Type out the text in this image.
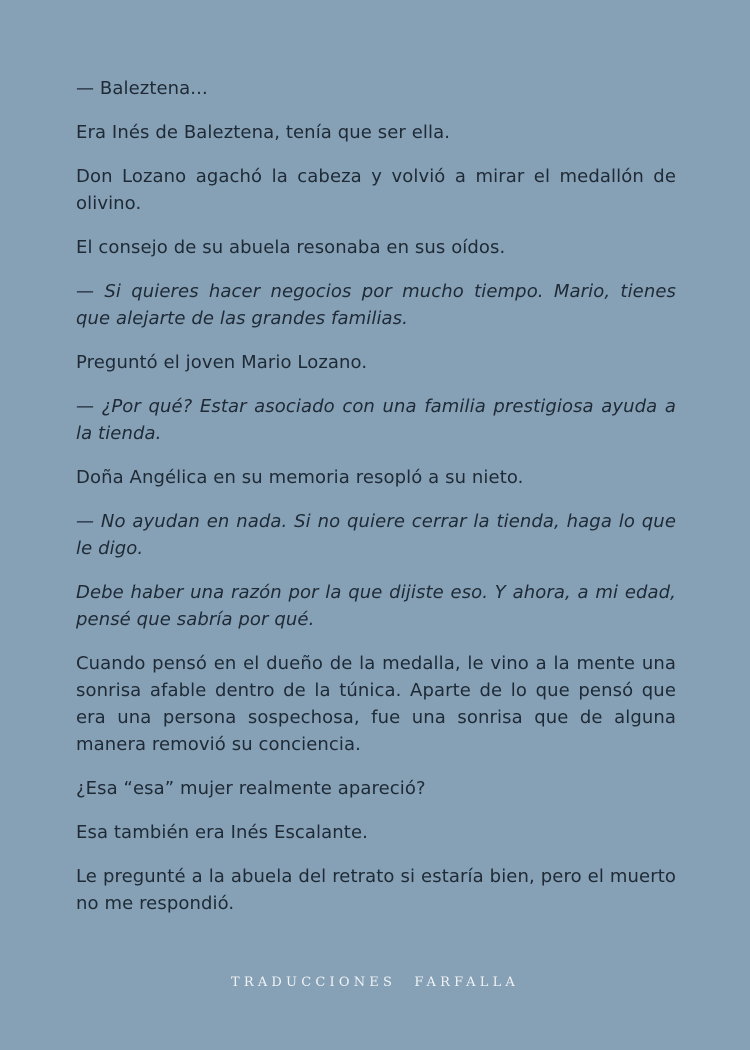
— Baleztena...

Era Inés de Baleztena, tenía que ser ella.

Don Lozano agachó la cabeza y volvió a mirar el medallón de olivino.

El consejo de su abuela resonaba en sus oídos.

— Si quieres hacer negocios por mucho tiempo. Mario, tienes que alejarte de las grandes familias.

Preguntó el joven Mario Lozano.

— ¿Por qué? Estar asociado con una familia prestigiosa ayuda a la tienda.

Doña Angélica en su memoria resopló a su nieto.

— No ayudan en nada. Si no quiere cerrar la tienda, haga lo que le digo.

Debe haber una razón por la que dijiste eso. Y ahora, a mi edad, pensé que sabría por qué.

Cuando pensó en el dueño de la medalla, le vino a la mente una sonrisa afable dentro de la túnica. Aparte de lo que pensó que era una persona sospechosa, fue una sonrisa que de alguna manera removió su conciencia.

¿Esa “esa” mujer realmente apareció?

Esa también era Inés Escalante.

Le pregunté a la abuela del retrato si estaría bien, pero el muerto no me respondió.

TRADUCCIONES FARFALLA
